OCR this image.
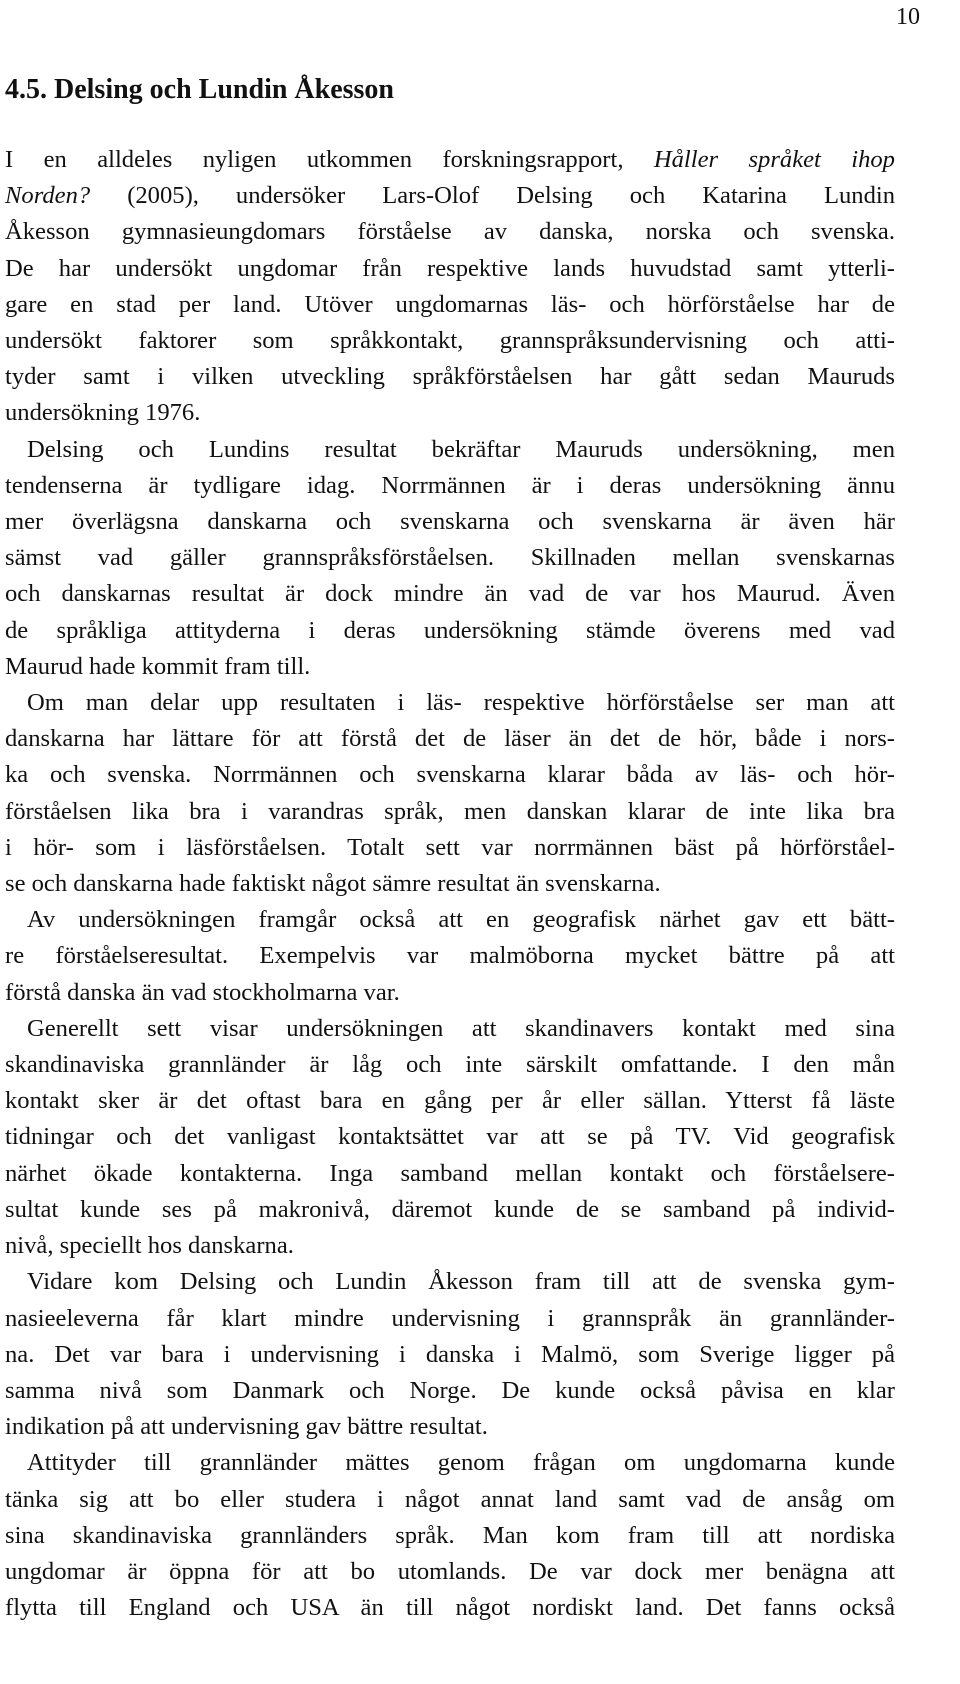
10
4.5. Delsing och Lundin Åkesson

I en alldeles nyligen utkommen forskningsrapport, Håller språket ihop
Norden? (2005), undersöker Lars-Olof Delsing och Katarina Lundin
Åkesson gymnasieungdomars förståelse av danska, norska och svenska.
De har undersökt ungdomar från respektive lands huvudstad samt ytterli-
gare en stad per land. Utöver ungdomarnas läs- och hörförståelse har de
undersökt faktorer som språkkontakt, grannspråksundervisning och atti-
tyder samt i vilken utveckling språkförståelsen har gått sedan Mauruds
undersökning 1976.

Delsing och Lundins resultat bekräftar Mauruds undersökning, men
tendenserna är tydligare idag. Norrmännen är i deras undersökning ännu
mer överlägsna danskarna och svenskarna och svenskarna är även här
sämst vad gäller grannspråksförståelsen. Skillnaden mellan svenskarnas
och danskarnas resultat är dock mindre än vad de var hos Maurud. Även
de språkliga attityderna i deras undersökning stämde överens med vad
Maurud hade kommit fram till.

Om man delar upp resultaten i läs- respektive hörförståelse ser man att
danskarna har lättare för att förstå det de läser än det de hör, både i nors-
ka och svenska. Norrmännen och svenskarna klarar båda av läs- och hör-
förståelsen lika bra i varandras språk, men danskan klarar de inte lika bra
i hör- som i läsförståelsen. Totalt sett var norrmännen bäst på hörförståel-
se och danskarna hade faktiskt något sämre resultat än svenskarna.

Av undersökningen framgår också att en geografisk närhet gav ett bätt-
re förståelseresultat. Exempelvis var malmöborna mycket bättre på att
förstå danska än vad stockholmarna var.

Generellt sett visar undersökningen att skandinavers kontakt med sina
skandinaviska grannländer är låg och inte särskilt omfattande. I den mån
kontakt sker är det oftast bara en gång per år eller sällan. Ytterst få läste
tidningar och det vanligast kontaktsättet var att se på TV. Vid geografisk
närhet ökade kontakterna. Inga samband mellan kontakt och förståelsere-
sultat kunde ses på makronivå, däremot kunde de se samband på individ-
nivå, speciellt hos danskarna.

Vidare kom Delsing och Lundin Åkesson fram till att de svenska gym-
nasieeleverna får klart mindre undervisning i grannspråk än grannländer-
na. Det var bara i undervisning i danska i Malmö, som Sverige ligger på
samma nivå som Danmark och Norge. De kunde också påvisa en klar
indikation på att undervisning gav bättre resultat.

Attityder till grannländer mättes genom frågan om ungdomarna kunde
tänka sig att bo eller studera i något annat land samt vad de ansåg om
sina skandinaviska grannländers språk. Man kom fram till att nordiska
ungdomar är öppna för att bo utomlands. De var dock mer benägna att
flytta till England och USA än till något nordiskt land. Det fanns också
